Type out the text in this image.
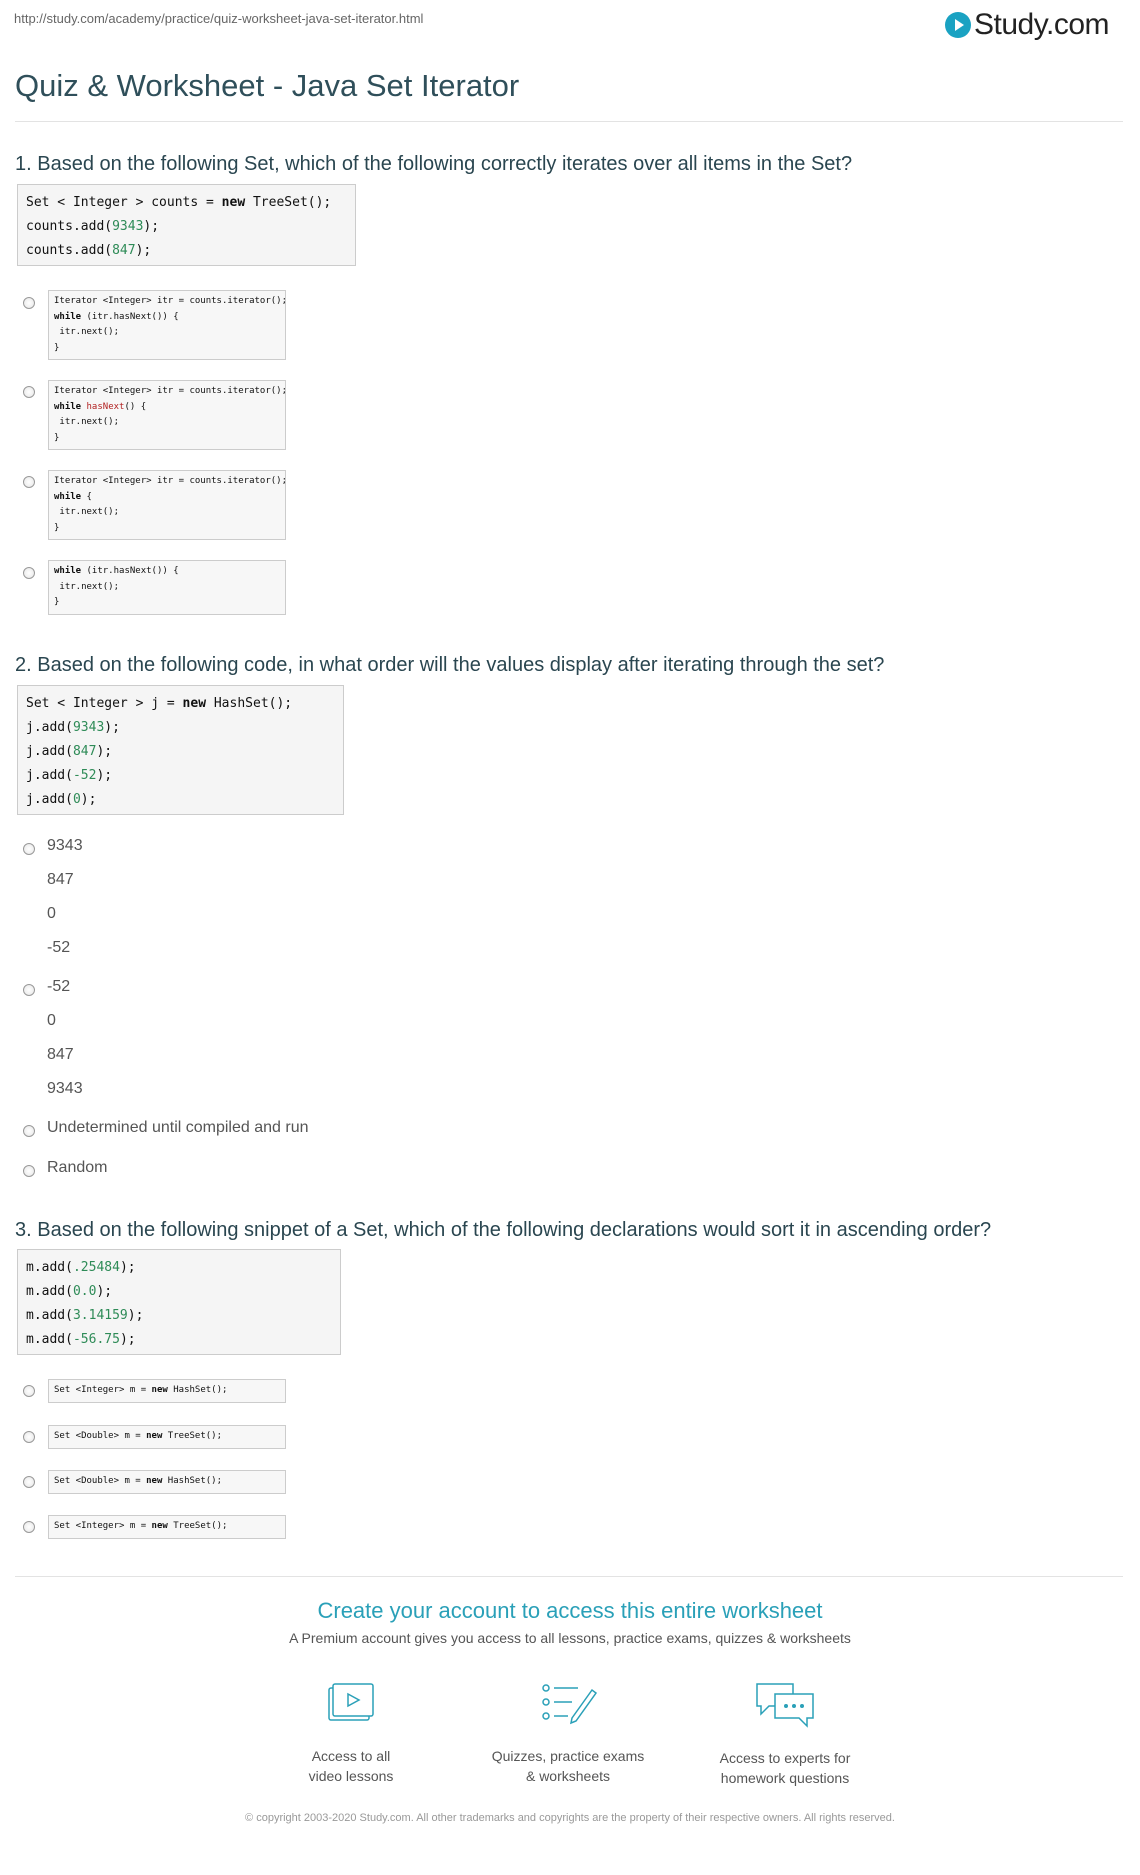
http://study.com/academy/practice/quiz-worksheet-java-set-iterator.html	Study.com
Quiz & Worksheet - Java Set Iterator
1. Based on the following Set, which of the following correctly iterates over all items in the Set?
Set < Integer > counts = new TreeSet();
counts.add(9343);
counts.add(847);
Iterator <Integer> itr = counts.iterator();
while (itr.hasNext()) {
itr.next();
}
Iterator <Integer> itr = counts.iterator();
while hasNext() {
itr.next();
}
Iterator <Integer> itr = counts.iterator();
while {
itr.next();
}
while (itr.hasNext()) {
itr.next();
}
2. Based on the following code, in what order will the values display after iterating through the set?
Set < Integer > j = new HashSet();
j.add(9343);
j.add(847);
j.add(-52);
j.add(0);
9343
847
0
-52
-52
0
847
9343
Undetermined until compiled and run
Random
3. Based on the following snippet of a Set, which of the following declarations would sort it in ascending order?
m.add(.25484);
m.add(0.0);
m.add(3.14159);
m.add(-56.75);
Set <Integer> m = new HashSet();
Set <Double> m = new TreeSet();
Set <Double> m = new HashSet();
Set <Integer> m = new TreeSet();
Create your account to access this entire worksheet
A Premium account gives you access to all lessons, practice exams, quizzes & worksheets
Access to all
video lessons
Quizzes, practice exams
& worksheets
Access to experts for
homework questions
© copyright 2003-2020 Study.com. All other trademarks and copyrights are the property of their respective owners. All rights reserved.
